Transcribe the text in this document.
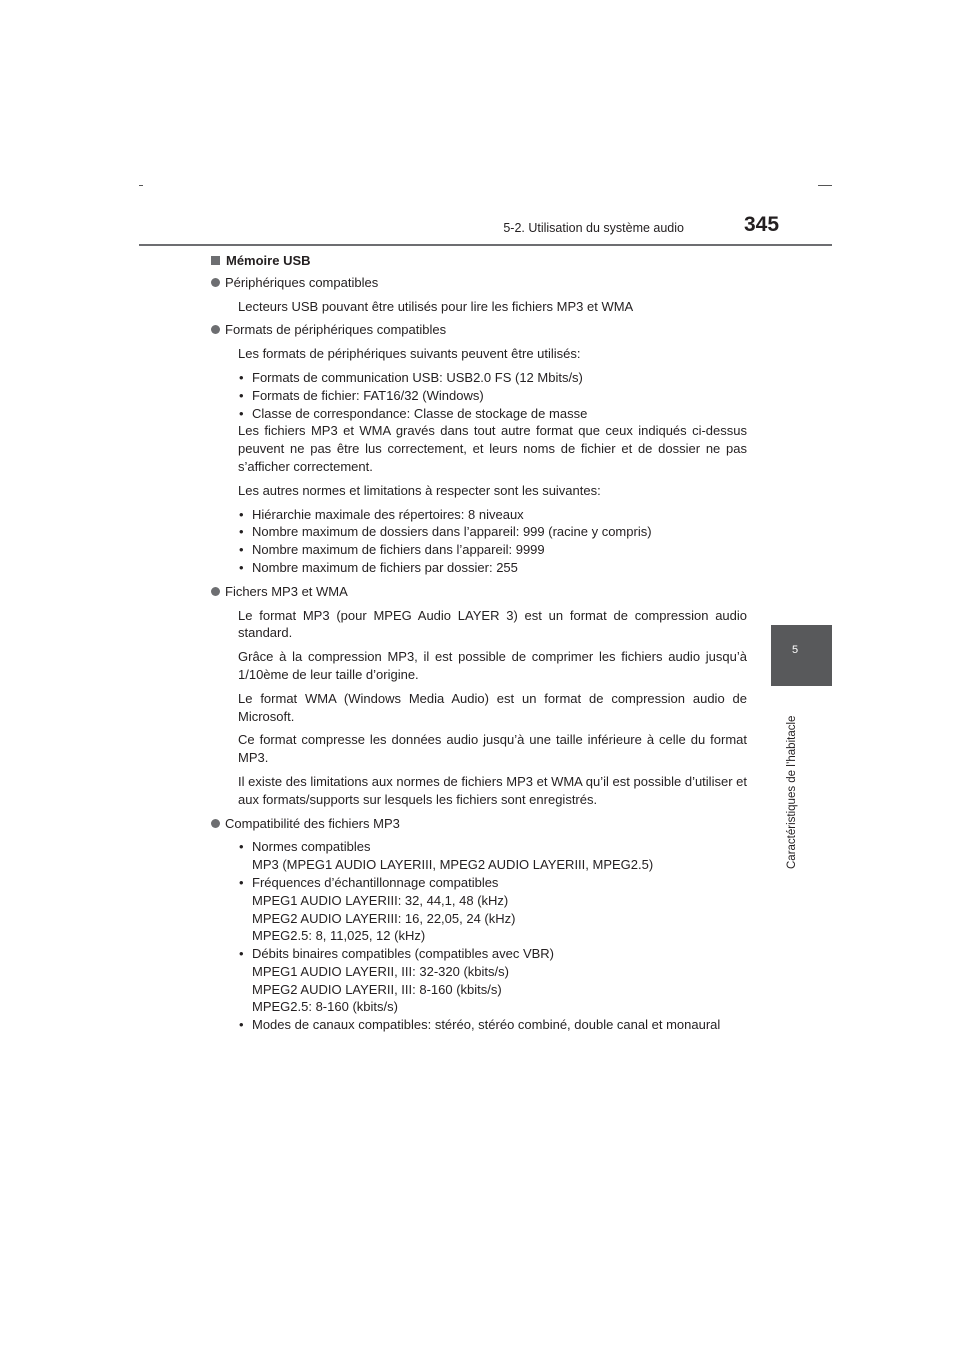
5-2. Utilisation du système audio	345
5
Caractéristiques de l’habitacle
Mémoire USB
Périphériques compatibles
Lecteurs USB pouvant être utilisés pour lire les fichiers MP3 et WMA
Formats de périphériques compatibles
Les formats de périphériques suivants peuvent être utilisés:
• Formats de communication USB: USB2.0 FS (12 Mbits/s)
• Formats de fichier: FAT16/32 (Windows)
• Classe de correspondance: Classe de stockage de masse
Les fichiers MP3 et WMA gravés dans tout autre format que ceux indiqués ci-dessus peuvent ne pas être lus correctement, et leurs noms de fichier et de dossier ne pas s’afficher correctement.
Les autres normes et limitations à respecter sont les suivantes:
• Hiérarchie maximale des répertoires: 8 niveaux
• Nombre maximum de dossiers dans l’appareil: 999 (racine y compris)
• Nombre maximum de fichiers dans l’appareil: 9999
• Nombre maximum de fichiers par dossier: 255
Fichers MP3 et WMA
Le format MP3 (pour MPEG Audio LAYER 3) est un format de compression audio standard.
Grâce à la compression MP3, il est possible de comprimer les fichiers audio jusqu’à 1/10ème de leur taille d’origine.
Le format WMA (Windows Media Audio) est un format de compression audio de Microsoft.
Ce format compresse les données audio jusqu’à une taille inférieure à celle du format MP3.
Il existe des limitations aux normes de fichiers MP3 et WMA qu’il est possible d’utiliser et aux formats/supports sur lesquels les fichiers sont enregistrés.
Compatibilité des fichiers MP3
• Normes compatibles
MP3 (MPEG1 AUDIO LAYERIII, MPEG2 AUDIO LAYERIII, MPEG2.5)
• Fréquences d’échantillonnage compatibles
MPEG1 AUDIO LAYERIII: 32, 44,1, 48 (kHz)
MPEG2 AUDIO LAYERIII: 16, 22,05, 24 (kHz)
MPEG2.5: 8, 11,025, 12 (kHz)
• Débits binaires compatibles (compatibles avec VBR)
MPEG1 AUDIO LAYERII, III: 32-320 (kbits/s)
MPEG2 AUDIO LAYERII, III: 8-160 (kbits/s)
MPEG2.5: 8-160 (kbits/s)
• Modes de canaux compatibles: stéréo, stéréo combiné, double canal et monaural
